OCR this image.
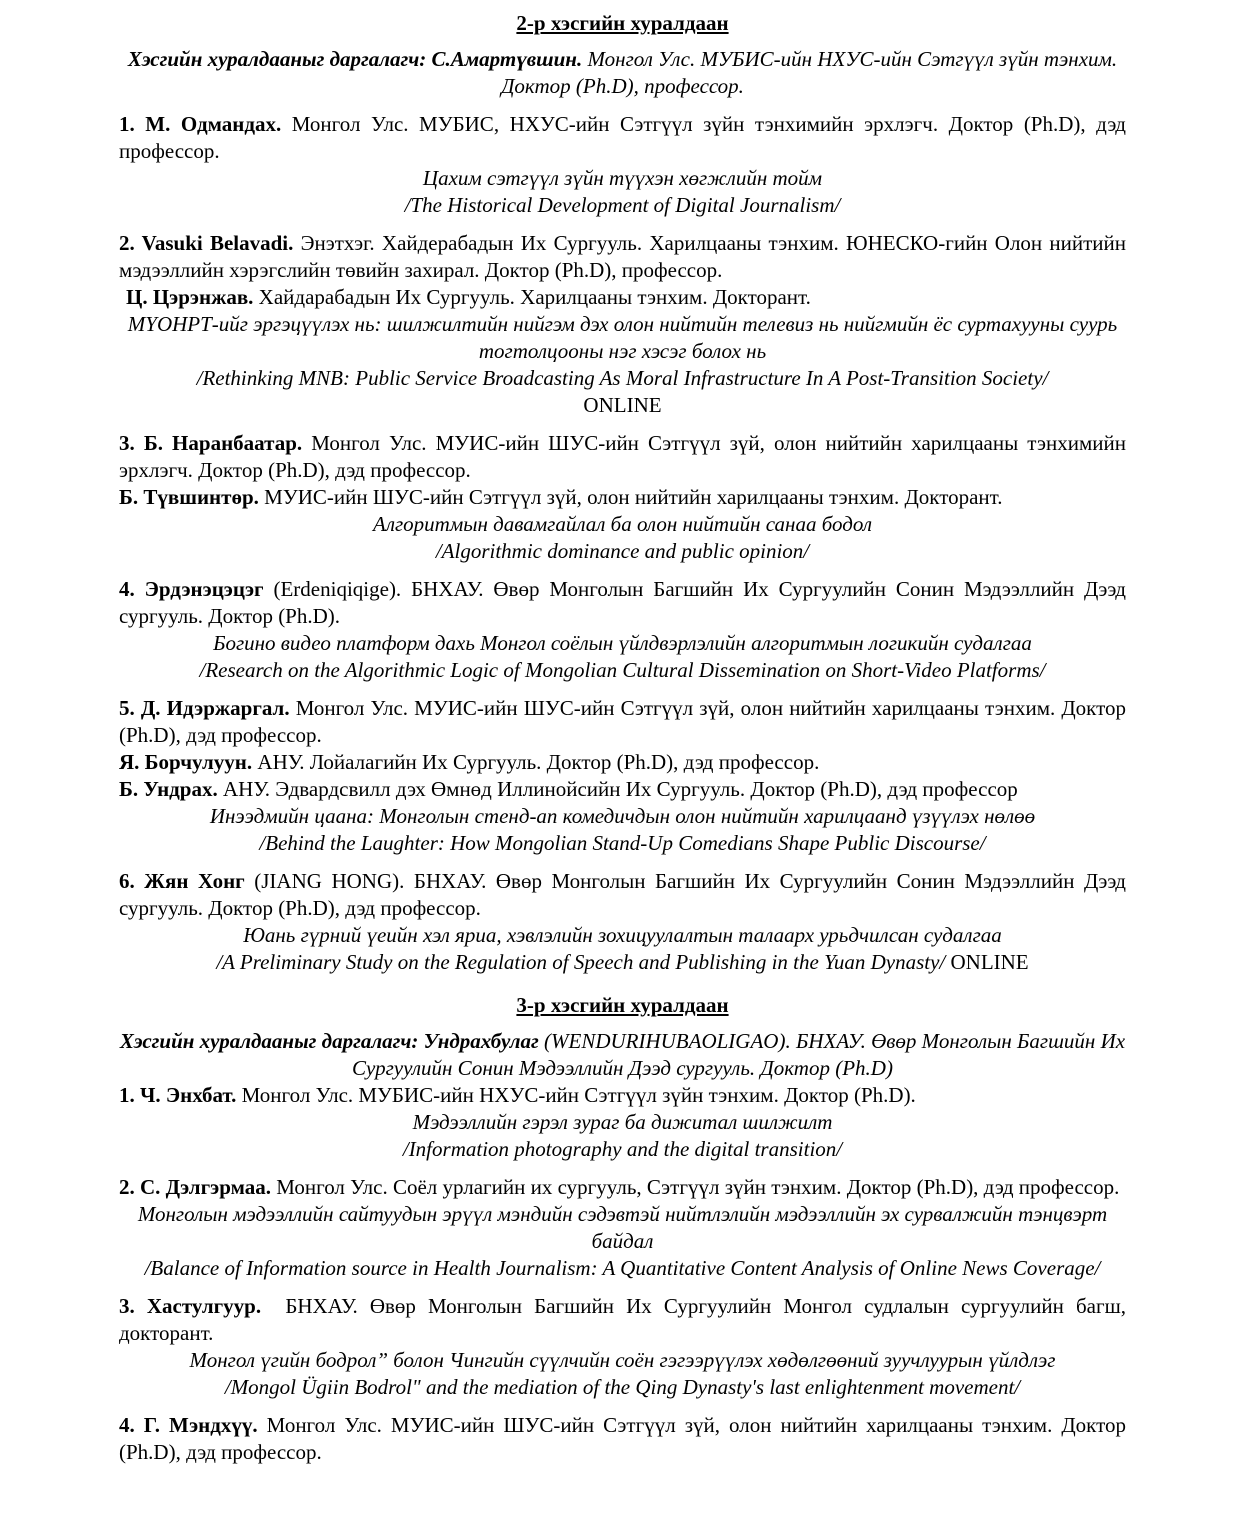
2-р хэсгийн хуралдаан

Хэсгийн хуралдааныг даргалагч: С.Амартүвшин. Монгол Улс. МУБИС-ийн НХУС-ийн Сэтгүүл зүйн тэнхим. Доктор (Ph.D), профессор.

1. М. Одмандах. Монгол Улс. МУБИС, НХУС-ийн Сэтгүүл зүйн тэнхимийн эрхлэгч. Доктор (Ph.D), дэд профессор.

Цахим сэтгүүл зүйн түүхэн хөгжлийн тойм

/The Historical Development of Digital Journalism/

2. Vasuki Belavadi. Энэтхэг. Хайдерабадын Их Сургууль. Харилцааны тэнхим. ЮНЕСКО-гийн Олон нийтийн мэдээллийн хэрэгслийн төвийн захирал. Доктор (Ph.D), профессор.

Ц. Цэрэнжав. Хайдарабадын Их Сургууль. Харилцааны тэнхим. Докторант.

МҮОНРТ-ийг эргэцүүлэх нь: шилжилтийн нийгэм дэх олон нийтийн телевиз нь нийгмийн ёс суртахууны суурь тогтолцооны нэг хэсэг болох нь

/Rethinking MNB: Public Service Broadcasting As Moral Infrastructure In A Post-Transition Society/

ONLINE

3. Б. Наранбаатар. Монгол Улс. МУИС-ийн ШУС-ийн Сэтгүүл зүй, олон нийтийн харилцааны тэнхимийн эрхлэгч. Доктор (Ph.D), дэд профессор.

Б. Түвшинтөр. МУИС-ийн ШУС-ийн Сэтгүүл зүй, олон нийтийн харилцааны тэнхим. Докторант.

Алгоритмын давамгайлал ба олон нийтийн санаа бодол

/Algorithmic dominance and public opinion/

4. Эрдэнэцэцэг (Erdeniqiqige). БНХАУ. Өвөр Монголын Багшийн Их Сургуулийн Сонин Мэдээллийн Дээд сургууль. Доктор (Ph.D).

Богино видео платформ дахь Монгол соёлын үйлдвэрлэлийн алгоритмын логикийн судалгаа

/Research on the Algorithmic Logic of Mongolian Cultural Dissemination on Short-Video Platforms/

5. Д. Идэржаргал. Монгол Улс. МУИС-ийн ШУС-ийн Сэтгүүл зүй, олон нийтийн харилцааны тэнхим. Доктор (Ph.D), дэд профессор.

Я. Борчулуун. АНУ. Лойалагийн Их Сургууль. Доктор (Ph.D), дэд профессор.

Б. Ундрах. АНУ. Эдвардсвилл дэх Өмнөд Иллинойсийн Их Сургууль. Доктор (Ph.D), дэд профессор

Инээдмийн цаана: Монголын стенд-ап комедичдын олон нийтийн харилцаанд үзүүлэх нөлөө

/Behind the Laughter: How Mongolian Stand-Up Comedians Shape Public Discourse/

6. Жян Хонг (JIANG HONG). БНХАУ. Өвөр Монголын Багшийн Их Сургуулийн Сонин Мэдээллийн Дээд сургууль. Доктор (Ph.D), дэд профессор.

Юань гүрний үеийн хэл яриа, хэвлэлийн зохицуулалтын талаарх урьдчилсан судалгаа

/A Preliminary Study on the Regulation of Speech and Publishing in the Yuan Dynasty/ ONLINE

3-р хэсгийн хуралдаан

Хэсгийн хуралдааныг даргалагч: Ундрахбулаг (WENDURIHUBAOLIGAO). БНХАУ. Өвөр Монголын Багшийн Их Сургуулийн Сонин Мэдээллийн Дээд сургууль. Доктор (Ph.D)

1. Ч. Энхбат. Монгол Улс. МУБИС-ийн НХУС-ийн Сэтгүүл зүйн тэнхим. Доктор (Ph.D).

Мэдээллийн гэрэл зураг ба дижитал шилжилт

/Information photography and the digital transition/

2. С. Дэлгэрмаа. Монгол Улс. Соёл урлагийн их сургууль, Сэтгүүл зүйн тэнхим. Доктор (Ph.D), дэд профессор.

Монголын мэдээллийн сайтуудын эрүүл мэндийн сэдэвтэй нийтлэлийн мэдээллийн эх сурвалжийн тэнцвэрт байдал

/Balance of Information source in Health Journalism: A Quantitative Content Analysis of Online News Coverage/

3. Хастулгуур.  БНХАУ. Өвөр Монголын Багшийн Их Сургуулийн Монгол судлалын сургуулийн багш, докторант.

Монгол үгийн бодрол” болон Чингийн сүүлчийн соён гэгээрүүлэх хөдөлгөөний зуучлуурын үйлдлэг

/Mongol Ügiin Bodrol" and the mediation of the Qing Dynasty's last enlightenment movement/

4. Г. Мэндхүү. Монгол Улс. МУИС-ийн ШУС-ийн Сэтгүүл зүй, олон нийтийн харилцааны тэнхим. Доктор (Ph.D), дэд профессор.
